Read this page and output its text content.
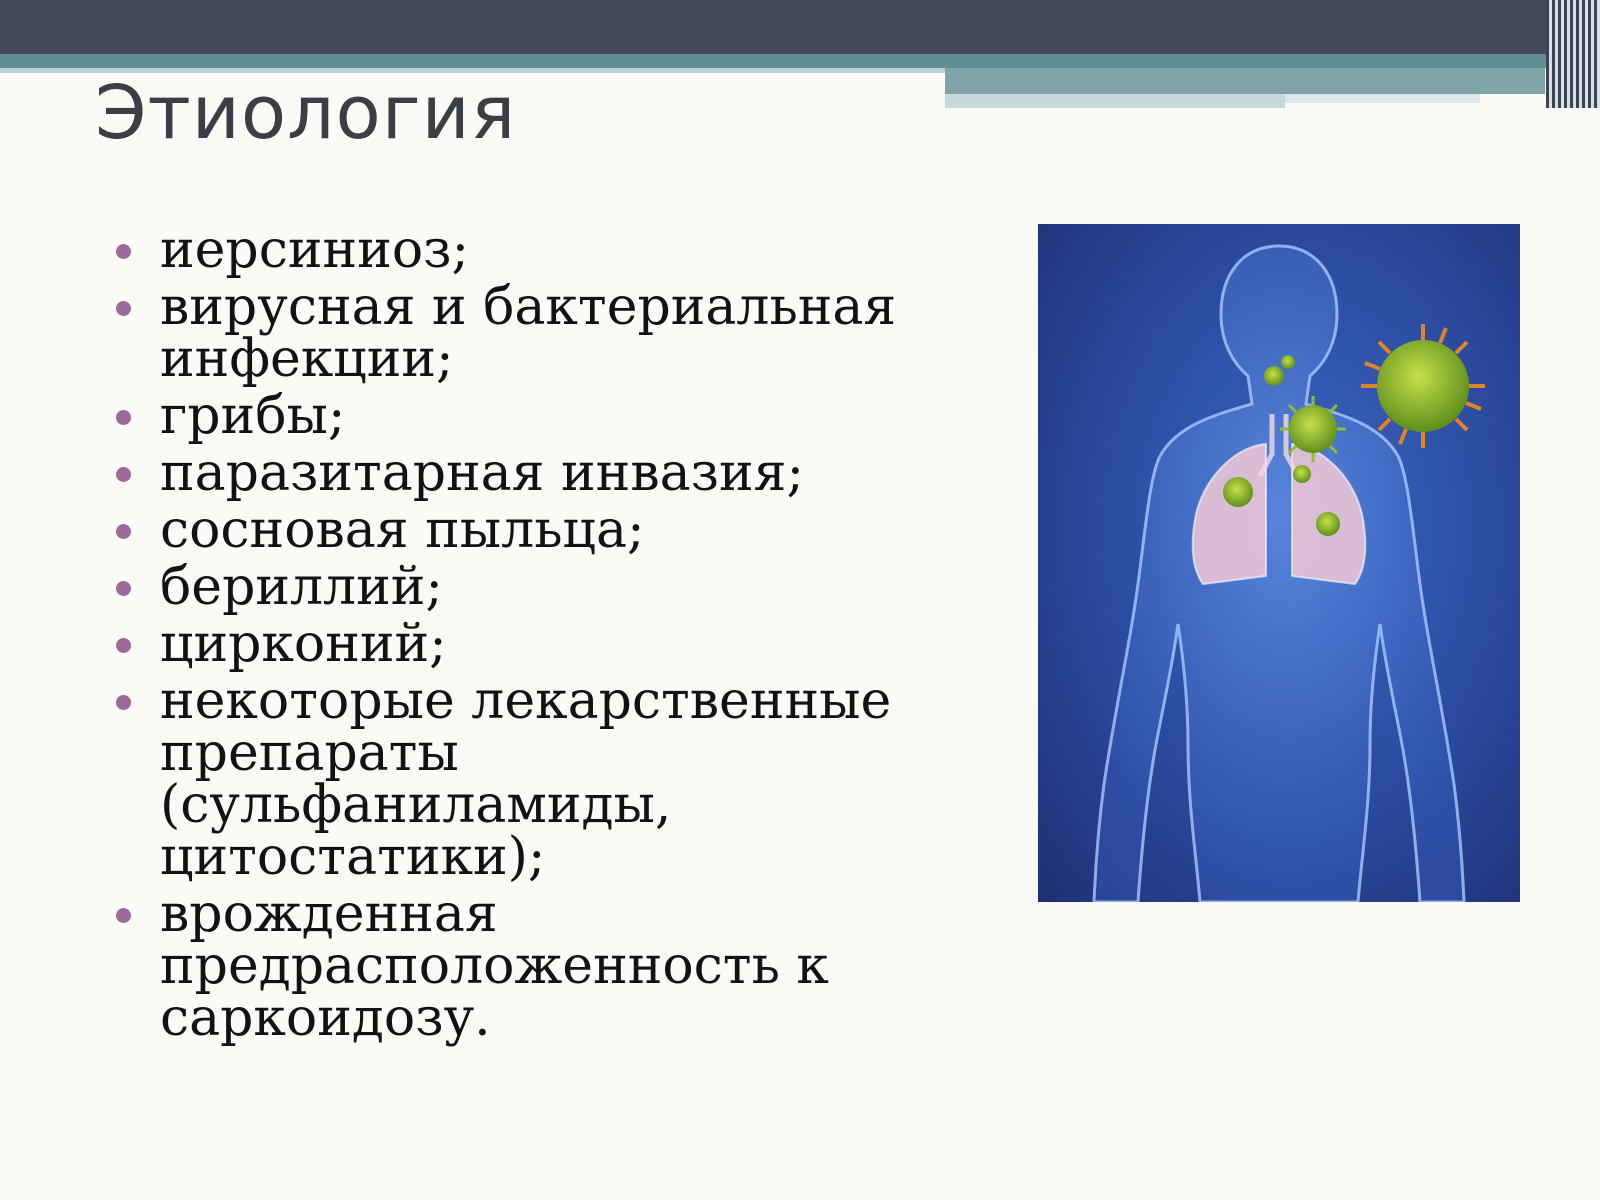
Этиология
иерсиниоз;
вирусная и бактериальная инфекции;
грибы;
паразитарная инвазия;
сосновая пыльца;
бериллий;
цирконий;
некоторые лекарственные препараты (сульфаниламиды, цитостатики);
врожденная предрасположенность к саркоидозу.
